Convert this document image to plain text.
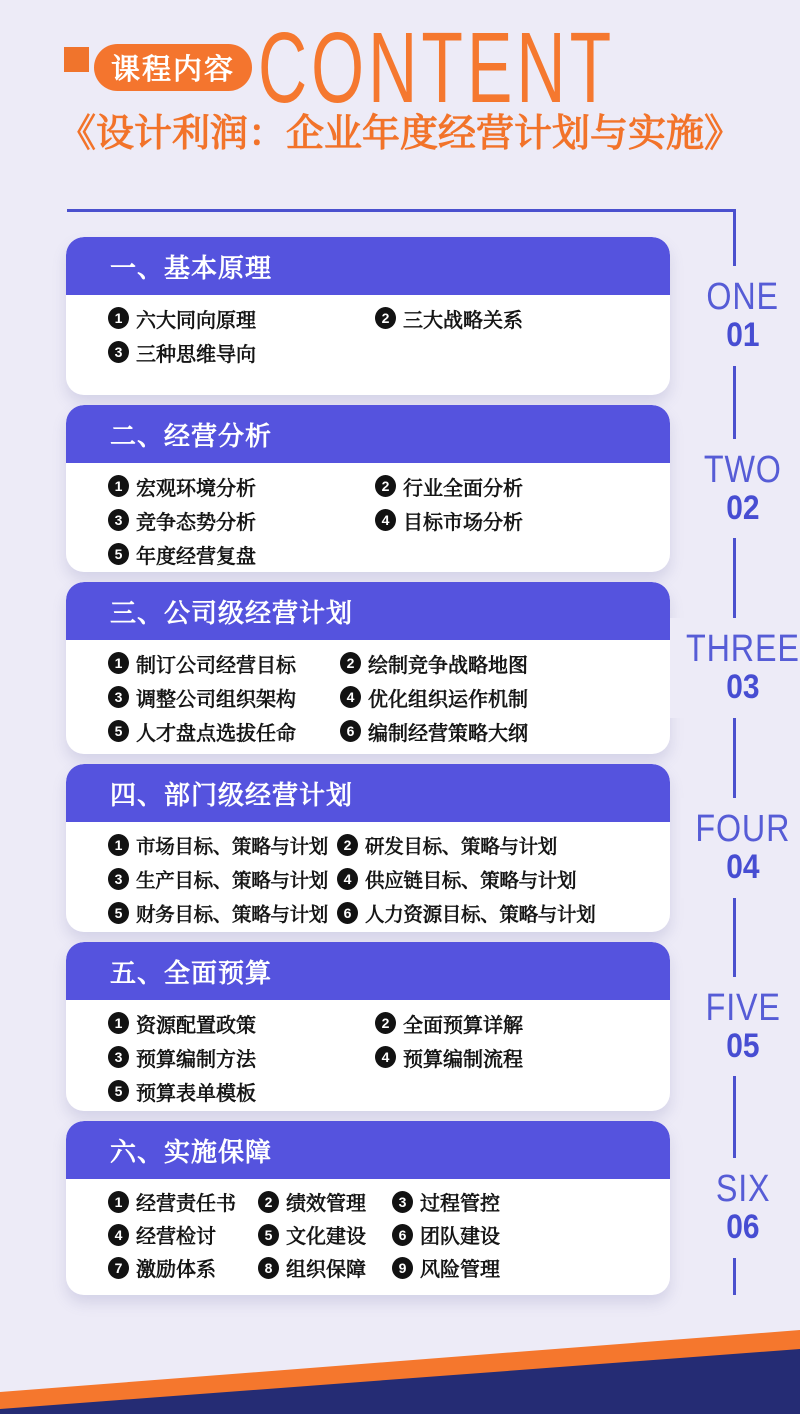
课程内容 CONTENT
《设计利润：企业年度经营计划与实施》
一、基本原理
1 六大同向原理	2 三大战略关系
3 三种思维导向
ONE
01
二、经营分析
1 宏观环境分析	2 行业全面分析
3 竞争态势分析	4 目标市场分析
5 年度经营复盘
TWO
02
三、公司级经营计划
1 制订公司经营目标	2 绘制竞争战略地图
3 调整公司组织架构	4 优化组织运作机制
5 人才盘点选拔任命	6 编制经营策略大纲
THREE
03
四、部门级经营计划
1 市场目标、策略与计划	2 研发目标、策略与计划
3 生产目标、策略与计划	4 供应链目标、策略与计划
5 财务目标、策略与计划	6 人力资源目标、策略与计划
FOUR
04
五、全面预算
1 资源配置政策	2 全面预算详解
3 预算编制方法	4 预算编制流程
5 预算表单模板
FIVE
05
六、实施保障
1 经营责任书	2 绩效管理	3 过程管控
4 经营检讨	5 文化建设	6 团队建设
7 激励体系	8 组织保障	9 风险管理
SIX
06
